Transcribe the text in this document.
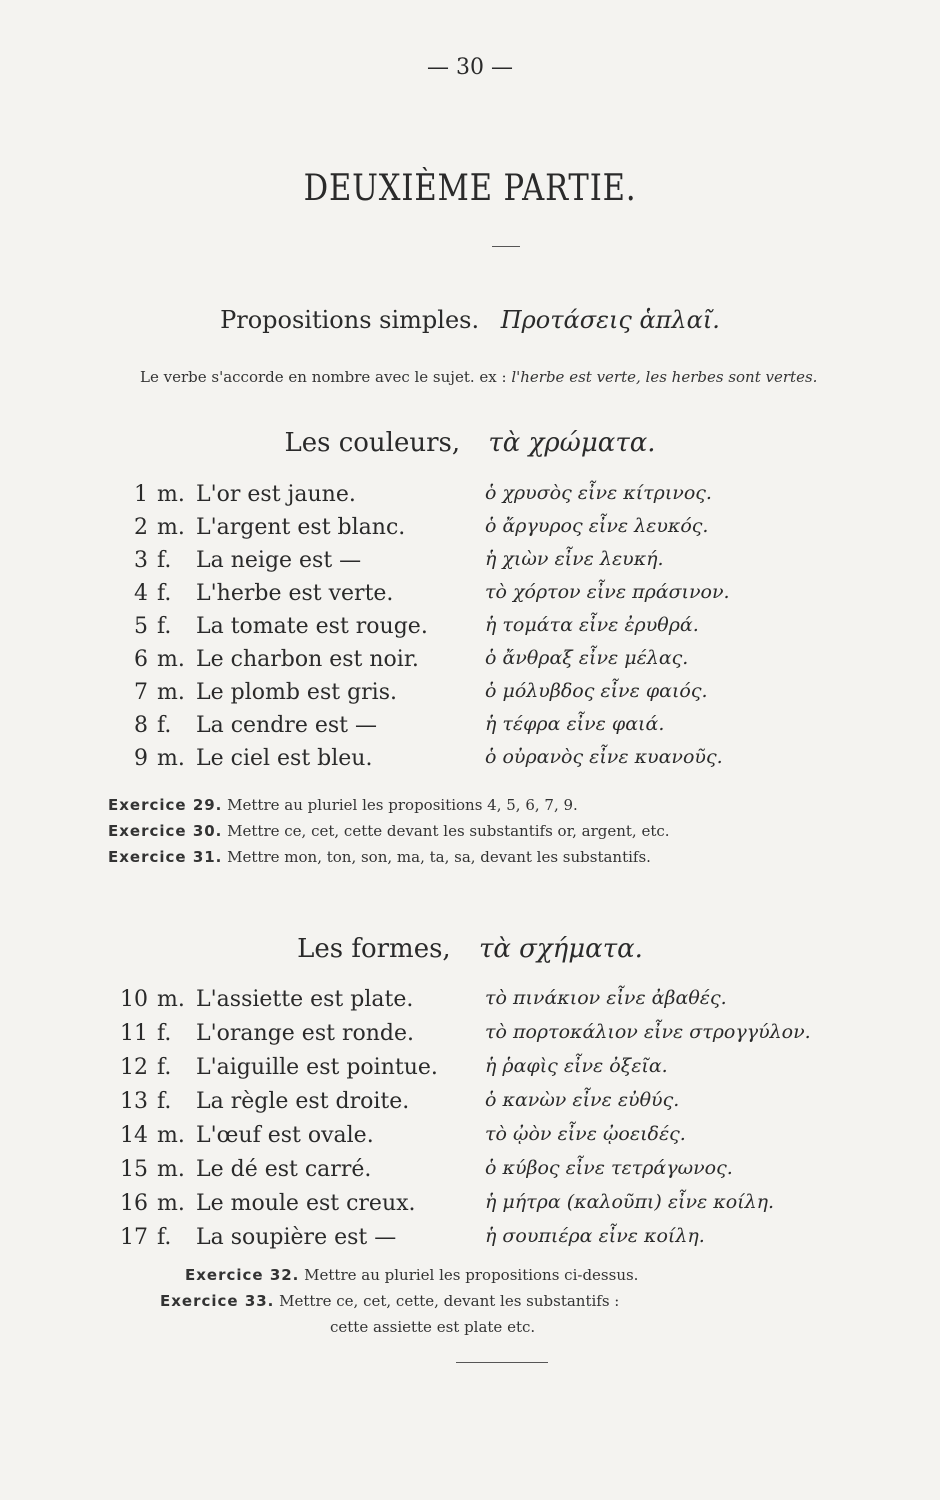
— 30 —
DEUXIÈME PARTIE.
Propositions simples. Προτάσεις ἁπλαῖ.
Le verbe s'accorde en nombre avec le sujet. ex : l'herbe est verte, les herbes sont vertes.
Les couleurs, τὰ χρώματα.
1 m. L'or est jaune.	ὁ χρυσὸς εἶνε κίτρινος.
2 m. L'argent est blanc.	ὁ ἄργυρος εἶνε λευκός.
3 f. La neige est —	ἡ χιὼν εἶνε λευκή.
4 f. L'herbe est verte.	τὸ χόρτον εἶνε πράσινον.
5 f. La tomate est rouge.	ἡ τομάτα εἶνε ἐρυθρά.
6 m. Le charbon est noir.	ὁ ἄνθραξ εἶνε μέλας.
7 m. Le plomb est gris.	ὁ μόλυβδος εἶνε φαιός.
8 f. La cendre est —	ἡ τέφρα εἶνε φαιά.
9 m. Le ciel est bleu.	ὁ οὐρανὸς εἶνε κυανοῦς.
Exercice 29. Mettre au pluriel les propositions 4, 5, 6, 7, 9.
Exercice 30. Mettre ce, cet, cette devant les substantifs or, argent, etc.
Exercice 31. Mettre mon, ton, son, ma, ta, sa, devant les substantifs.
Les formes, τὰ σχήματα.
10 m. L'assiette est plate.	τὸ πινάκιον εἶνε ἀβαθές.
11 f. L'orange est ronde.	τὸ πορτοκάλιον εἶνε στρογγύλον.
12 f. L'aiguille est pointue. ἡ ῥαφὶς εἶνε ὀξεῖα.
13 f. La règle est droite.	ὁ κανὼν εἶνε εὐθύς.
14 m. L'œuf est ovale.	τὸ ᾠὸν εἶνε ᾠοειδές.
15 m. Le dé est carré.	ὁ κύβος εἶνε τετράγωνος.
16 m. Le moule est creux.	ἡ μήτρα (καλοῦπι) εἶνε κοίλη.
17 f. La soupière est —	ἡ σουπιέρα εἶνε κοίλη.
Exercice 32. Mettre au pluriel les propositions ci-dessus.
Exercice 33. Mettre ce, cet, cette, devant les substantifs :
cette assiette est plate etc.
